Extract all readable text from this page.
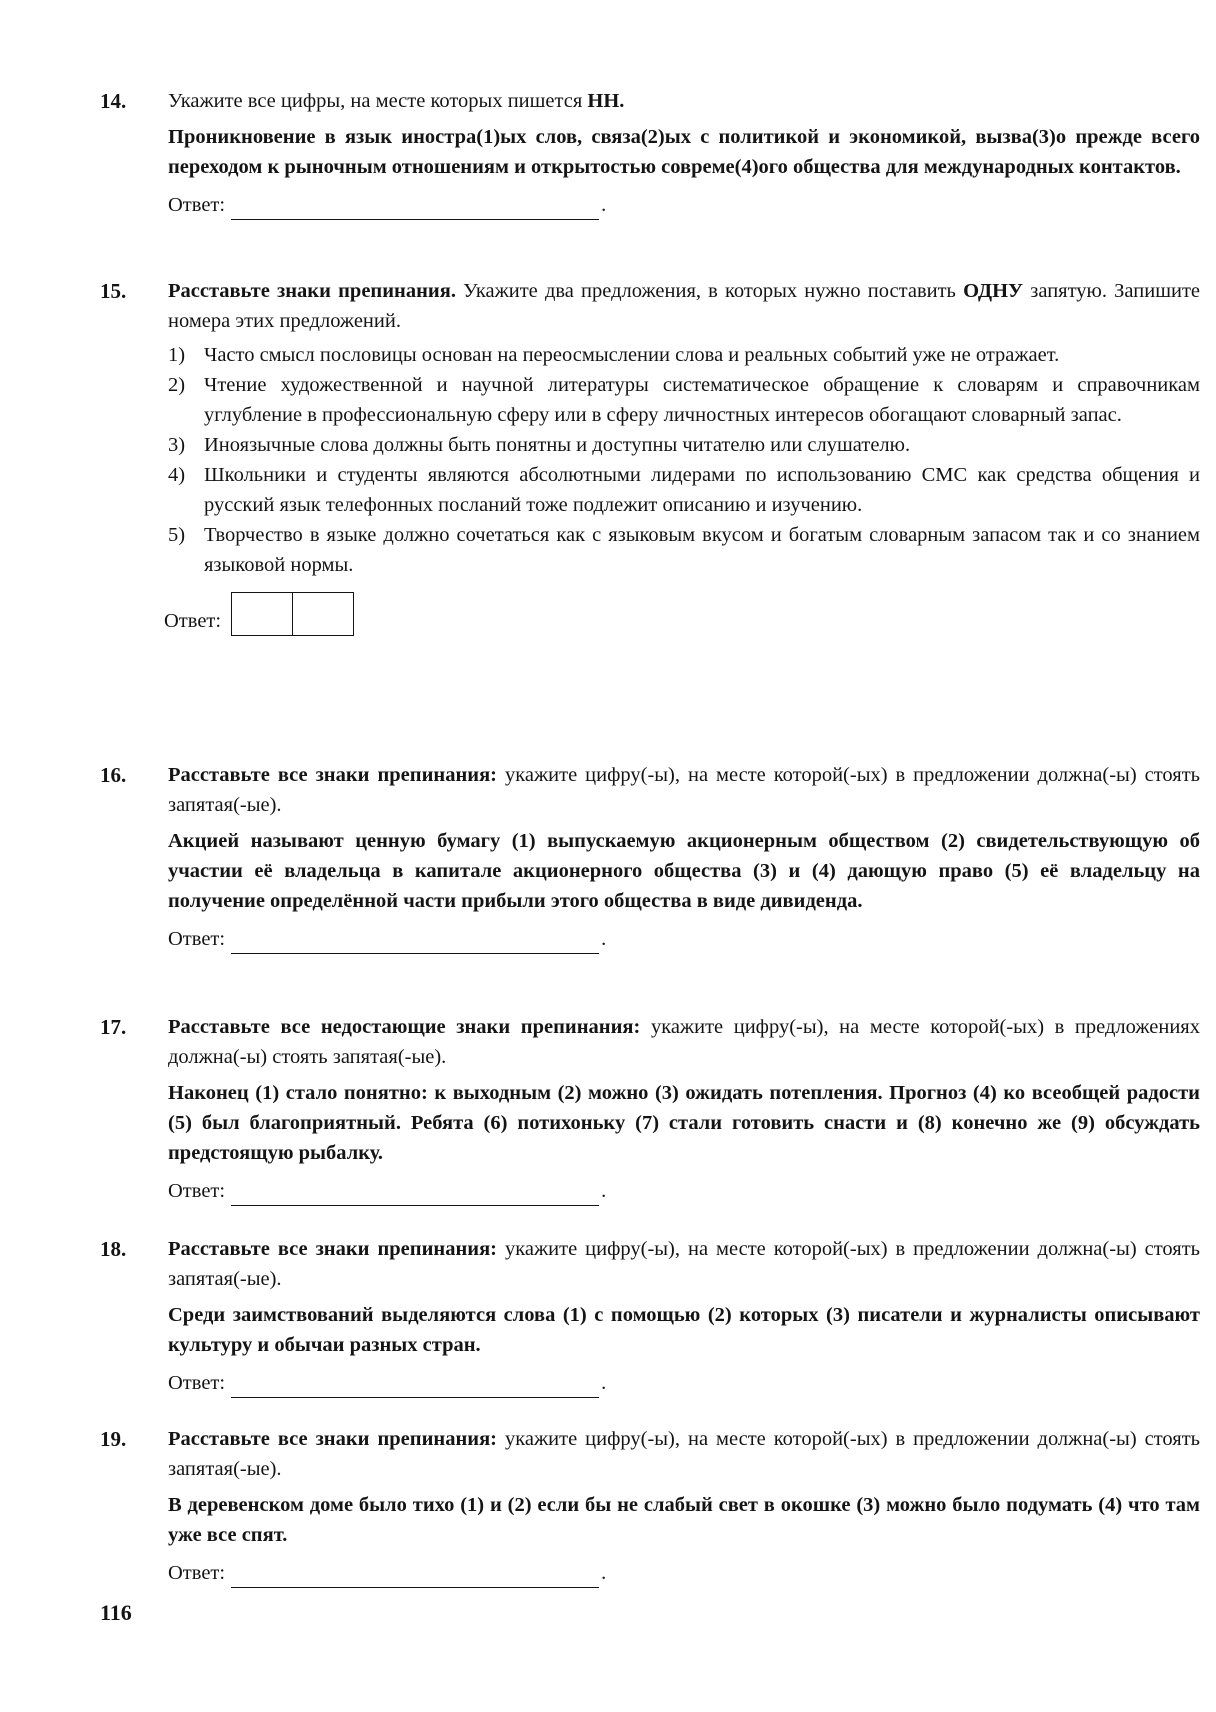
14. Укажите все цифры, на месте которых пишется НН.
Проникновение в язык иностра(1)ых слов, связа(2)ых с политикой и экономикой, вызва(3)о прежде всего переходом к рыночным отношениям и открытостью совреме(4)ого общества для международных контактов.
Ответ:	.
15. Расставьте знаки препинания. Укажите два предложения, в которых нужно поставить ОДНУ запятую. Запишите номера этих предложений.
1) Часто смысл пословицы основан на переосмыслении слова и реальных событий уже не отражает.
2) Чтение художественной и научной литературы систематическое обращение к словарям и справочникам углубление в профессиональную сферу или в сферу личностных интересов обогащают словарный запас.
3) Иноязычные слова должны быть понятны и доступны читателю или слушателю.
4) Школьники и студенты являются абсолютными лидерами по использованию СМС как средства общения и русский язык телефонных посланий тоже подлежит описанию и изучению.
5) Творчество в языке должно сочетаться как с языковым вкусом и богатым словарным запасом так и со знанием языковой нормы.
Ответ:
16. Расставьте все знаки препинания: укажите цифру(-ы), на месте которой(-ых) в предложении должна(-ы) стоять запятая(-ые).
Акцией называют ценную бумагу (1) выпускаемую акционерным обществом (2) свидетельствующую об участии её владельца в капитале акционерного общества (3) и (4) дающую право (5) её владельцу на получение определённой части прибыли этого общества в виде дивиденда.
Ответ:	.
17. Расставьте все недостающие знаки препинания: укажите цифру(-ы), на месте которой(-ых) в предложениях должна(-ы) стоять запятая(-ые).
Наконец (1) стало понятно: к выходным (2) можно (3) ожидать потепления. Прогноз (4) ко всеобщей радости (5) был благоприятный. Ребята (6) потихоньку (7) стали готовить снасти и (8) конечно же (9) обсуждать предстоящую рыбалку.
Ответ:	.
18. Расставьте все знаки препинания: укажите цифру(-ы), на месте которой(-ых) в предложении должна(-ы) стоять запятая(-ые).
Среди заимствований выделяются слова (1) с помощью (2) которых (3) писатели и журналисты описывают культуру и обычаи разных стран.
Ответ:	.
19. Расставьте все знаки препинания: укажите цифру(-ы), на месте которой(-ых) в предложении должна(-ы) стоять запятая(-ые).
В деревенском доме было тихо (1) и (2) если бы не слабый свет в окошке (3) можно было подумать (4) что там уже все спят.
Ответ:	.
116
